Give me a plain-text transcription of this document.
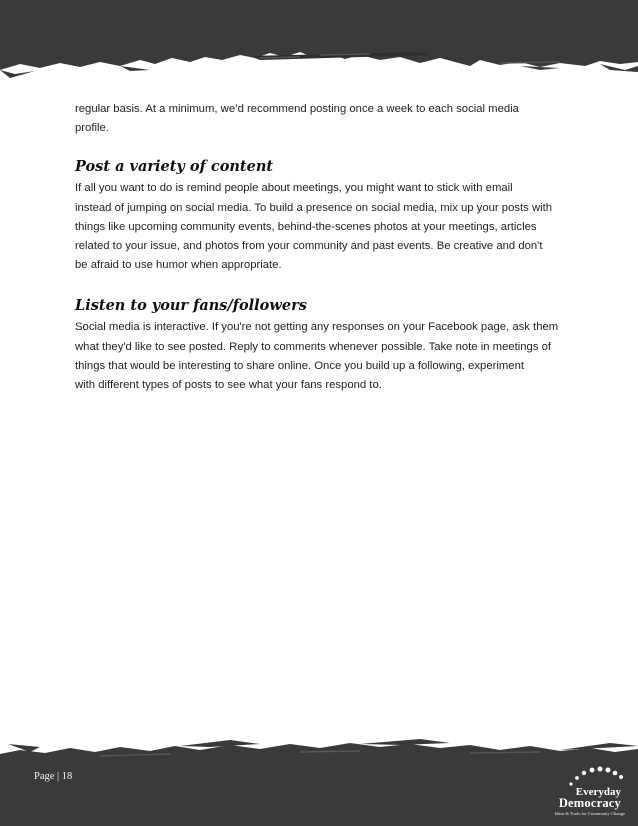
regular basis. At a minimum, we’d recommend posting once a week to each social media
profile.

Post a variety of content

If all you want to do is remind people about meetings, you might want to stick with email
instead of jumping on social media. To build a presence on social media, mix up your posts with
things like upcoming community events, behind-the-scenes photos at your meetings, articles
related to your issue, and photos from your community and past events. Be creative and don't
be afraid to use humor when appropriate.

Listen to your fans/followers

Social media is interactive. If you're not getting any responses on your Facebook page, ask them
what they'd like to see posted. Reply to comments whenever possible. Take note in meetings of
things that would be interesting to share online. Once you build up a following, experiment
with different types of posts to see what your fans respond to.

Page | 18
Everyday
Democracy
Ideas & Tools for Community Change
